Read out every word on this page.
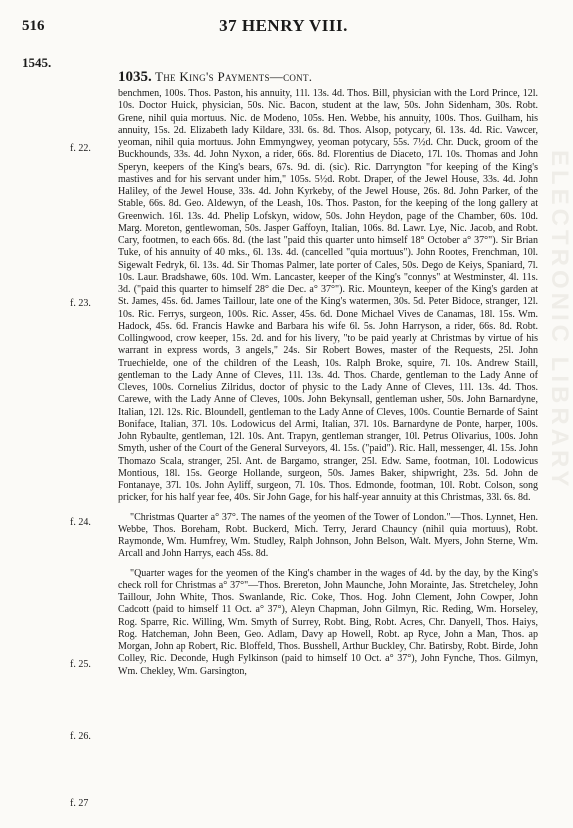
516	37 HENRY VIII.
1545.
1035. The King's Payments—cont.
f. 22.
f. 23.
f. 24.
f. 25.
f. 26.
f. 27

benchmen, 100s. Thos. Paston, his annuity, 11l. 13s. 4d. Thos. Bill, physician with the Lord Prince, 12l. 10s. Doctor Huick, physician, 50s. Nic. Bacon, student at the law, 50s. John Sidenham, 30s. Robt. Grene, nihil quia mortuus. Nic. de Modeno, 105s. Hen. Webbe, his annuity, 100s. Thos. Guilham, his annuity, 15s. 2d. Elizabeth lady Kildare, 33l. 6s. 8d. Thos. Alsop, potycary, 6l. 13s. 4d. Ric. Vawcer, yeoman, nihil quia mortuus. John Emmyngwey, yeoman potycary, 55s. 7½d. Chr. Duck, groom of the Buckhounds, 33s. 4d. John Nyxon, a rider, 66s. 8d. Florentius de Diaceto, 17l. 10s. Thomas and John Speryn, keepers of the King's bears, 67s. 9d. di. (sic). Ric. Darryngton "for keeping of the King's mastives and for his servant under him," 105s. 5½d. Robt. Draper, of the Jewel House, 33s. 4d. John Haliley, of the Jewel House, 33s. 4d. John Kyrkeby, of the Jewel House, 26s. 8d. John Parker, of the Stable, 66s. 8d. Geo. Aldewyn, of the Leash, 10s. Thos. Paston, for the keeping of the long gallery at Greenwich. 16l. 13s. 4d. Phelip Lofskyn, widow, 50s. John Heydon, page of the Chamber, 60s. 10d. Marg. Moreton, gentlewoman, 50s. Jasper Gaffoyn, Italian, 106s. 8d. Lawr. Lye, Nic. Jacob, and Robt. Cary, footmen, to each 66s. 8d. (the last "paid this quarter unto himself 18° October a° 37°"). Sir Brian Tuke, of his annuity of 40 mks., 6l. 13s. 4d. (cancelled "quia mortuus"). John Rootes, Frenchman, 10l. Sigewalt Fedryk, 6l. 13s. 4d. Sir Thomas Palmer, late porter of Cales, 50s. Dego de Keiys, Spaniard, 7l. 10s. Laur. Bradshawe, 60s. 10d. Wm. Lancaster, keeper of the King's "connys" at Westminster, 4l. 11s. 3d. ("paid this quarter to himself 28° die Dec. a° 37°"). Ric. Mounteyn, keeper of the King's garden at St. James, 45s. 6d. James Taillour, late one of the King's watermen, 30s. 5d. Peter Bidoce, stranger, 12l. 10s. Ric. Ferrys, surgeon, 100s. Ric. Asser, 45s. 6d. Done Michael Vives de Canamas, 18l. 15s. Wm. Hadock, 45s. 6d. Francis Hawke and Barbara his wife 6l. 5s. John Harryson, a rider, 66s. 8d. Robt. Collingwood, crow keeper, 15s. 2d. and for his livery, "to be paid yearly at Christmas by virtue of his warrant in express words, 3 angels," 24s. Sir Robert Bowes, master of the Requests, 25l. John Truechielde, one of the children of the Leash, 10s. Ralph Broke, squire, 7l. 10s. Andrew Staill, gentleman to the Lady Anne of Cleves, 11l. 13s. 4d. Thos. Charde, gentleman to the Lady Anne of Cleves, 100s. Cornelius Zilridus, doctor of physic to the Lady Anne of Cleves, 11l. 13s. 4d. Thos. Carewe, with the Lady Anne of Cleves, 100s. John Bekynsall, gentleman usher, 50s. John Barnardyne, Italian, 12l. 12s. Ric. Bloundell, gentleman to the Lady Anne of Cleves, 100s. Countie Bernarde of Saint Boniface, Italian, 37l. 10s. Lodowicus del Armi, Italian, 37l. 10s. Barnardyne de Ponte, harper, 100s. John Rybaulte, gentleman, 12l. 10s. Ant. Trapyn, gentleman stranger, 10l. Petrus Olivarius, 100s. John Smyth, usher of the Court of the General Surveyors, 4l. 15s. ("paid"). Ric. Hall, messenger, 4l. 15s. John Thomazo Scala, stranger, 25l. Ant. de Bargamo, stranger, 25l. Edw. Same, footman, 10l. Lodowicus Montious, 18l. 15s. George Hollande, surgeon, 50s. James Baker, shipwright, 23s. 5d. John de Fontanaye, 37l. 10s. John Ayliff, surgeon, 7l. 10s. Thos. Edmonde, footman, 10l. Robt. Colson, song pricker, for his half year fee, 40s. Sir John Gage, for his half-year annuity at this Christmas, 33l. 6s. 8d.

"Christmas Quarter a° 37°. The names of the yeomen of the Tower of London."—Thos. Lynnet, Hen. Webbe, Thos. Boreham, Robt. Buckerd, Mich. Terry, Jerard Chauncy (nihil quia mortuus), Robt. Raymonde, Wm. Humfrey, Wm. Studley, Ralph Johnson, John Belson, Walt. Myers, John Sterne, Wm. Arcall and John Harrys, each 45s. 8d.

"Quarter wages for the yeomen of the King's chamber in the wages of 4d. by the day, by the King's check roll for Christmas a° 37°"—Thos. Brereton, John Maunche, John Morainte, Jas. Stretcheley, John Taillour, John White, Thos. Swanlande, Ric. Coke, Thos. Hog. John Clement, John Cowper, John Cadcott (paid to himself 11 Oct. a° 37°), Aleyn Chapman, John Gilmyn, Ric. Reding, Wm. Horseley, Rog. Sparre, Ric. Willing, Wm. Smyth of Surrey, Robt. Bing, Robt. Acres, Chr. Danyell, Thos. Haiys, Rog. Hatcheman, John Been, Geo. Adlam, Davy ap Howell, Robt. ap Ryce, John a Man, Thos. ap Morgan, John ap Robert, Ric. Bloffeld, Thos. Busshell, Arthur Buckley, Chr. Batirsby, Robt. Birde, John Colley, Ric. Deconde, Hugh Fylkinson (paid to himself 10 Oct. a° 37°), John Fynche, Thos. Gilmyn, Wm. Chekley, Wm. Garsington,

ELECTRONIC LIBRARY
